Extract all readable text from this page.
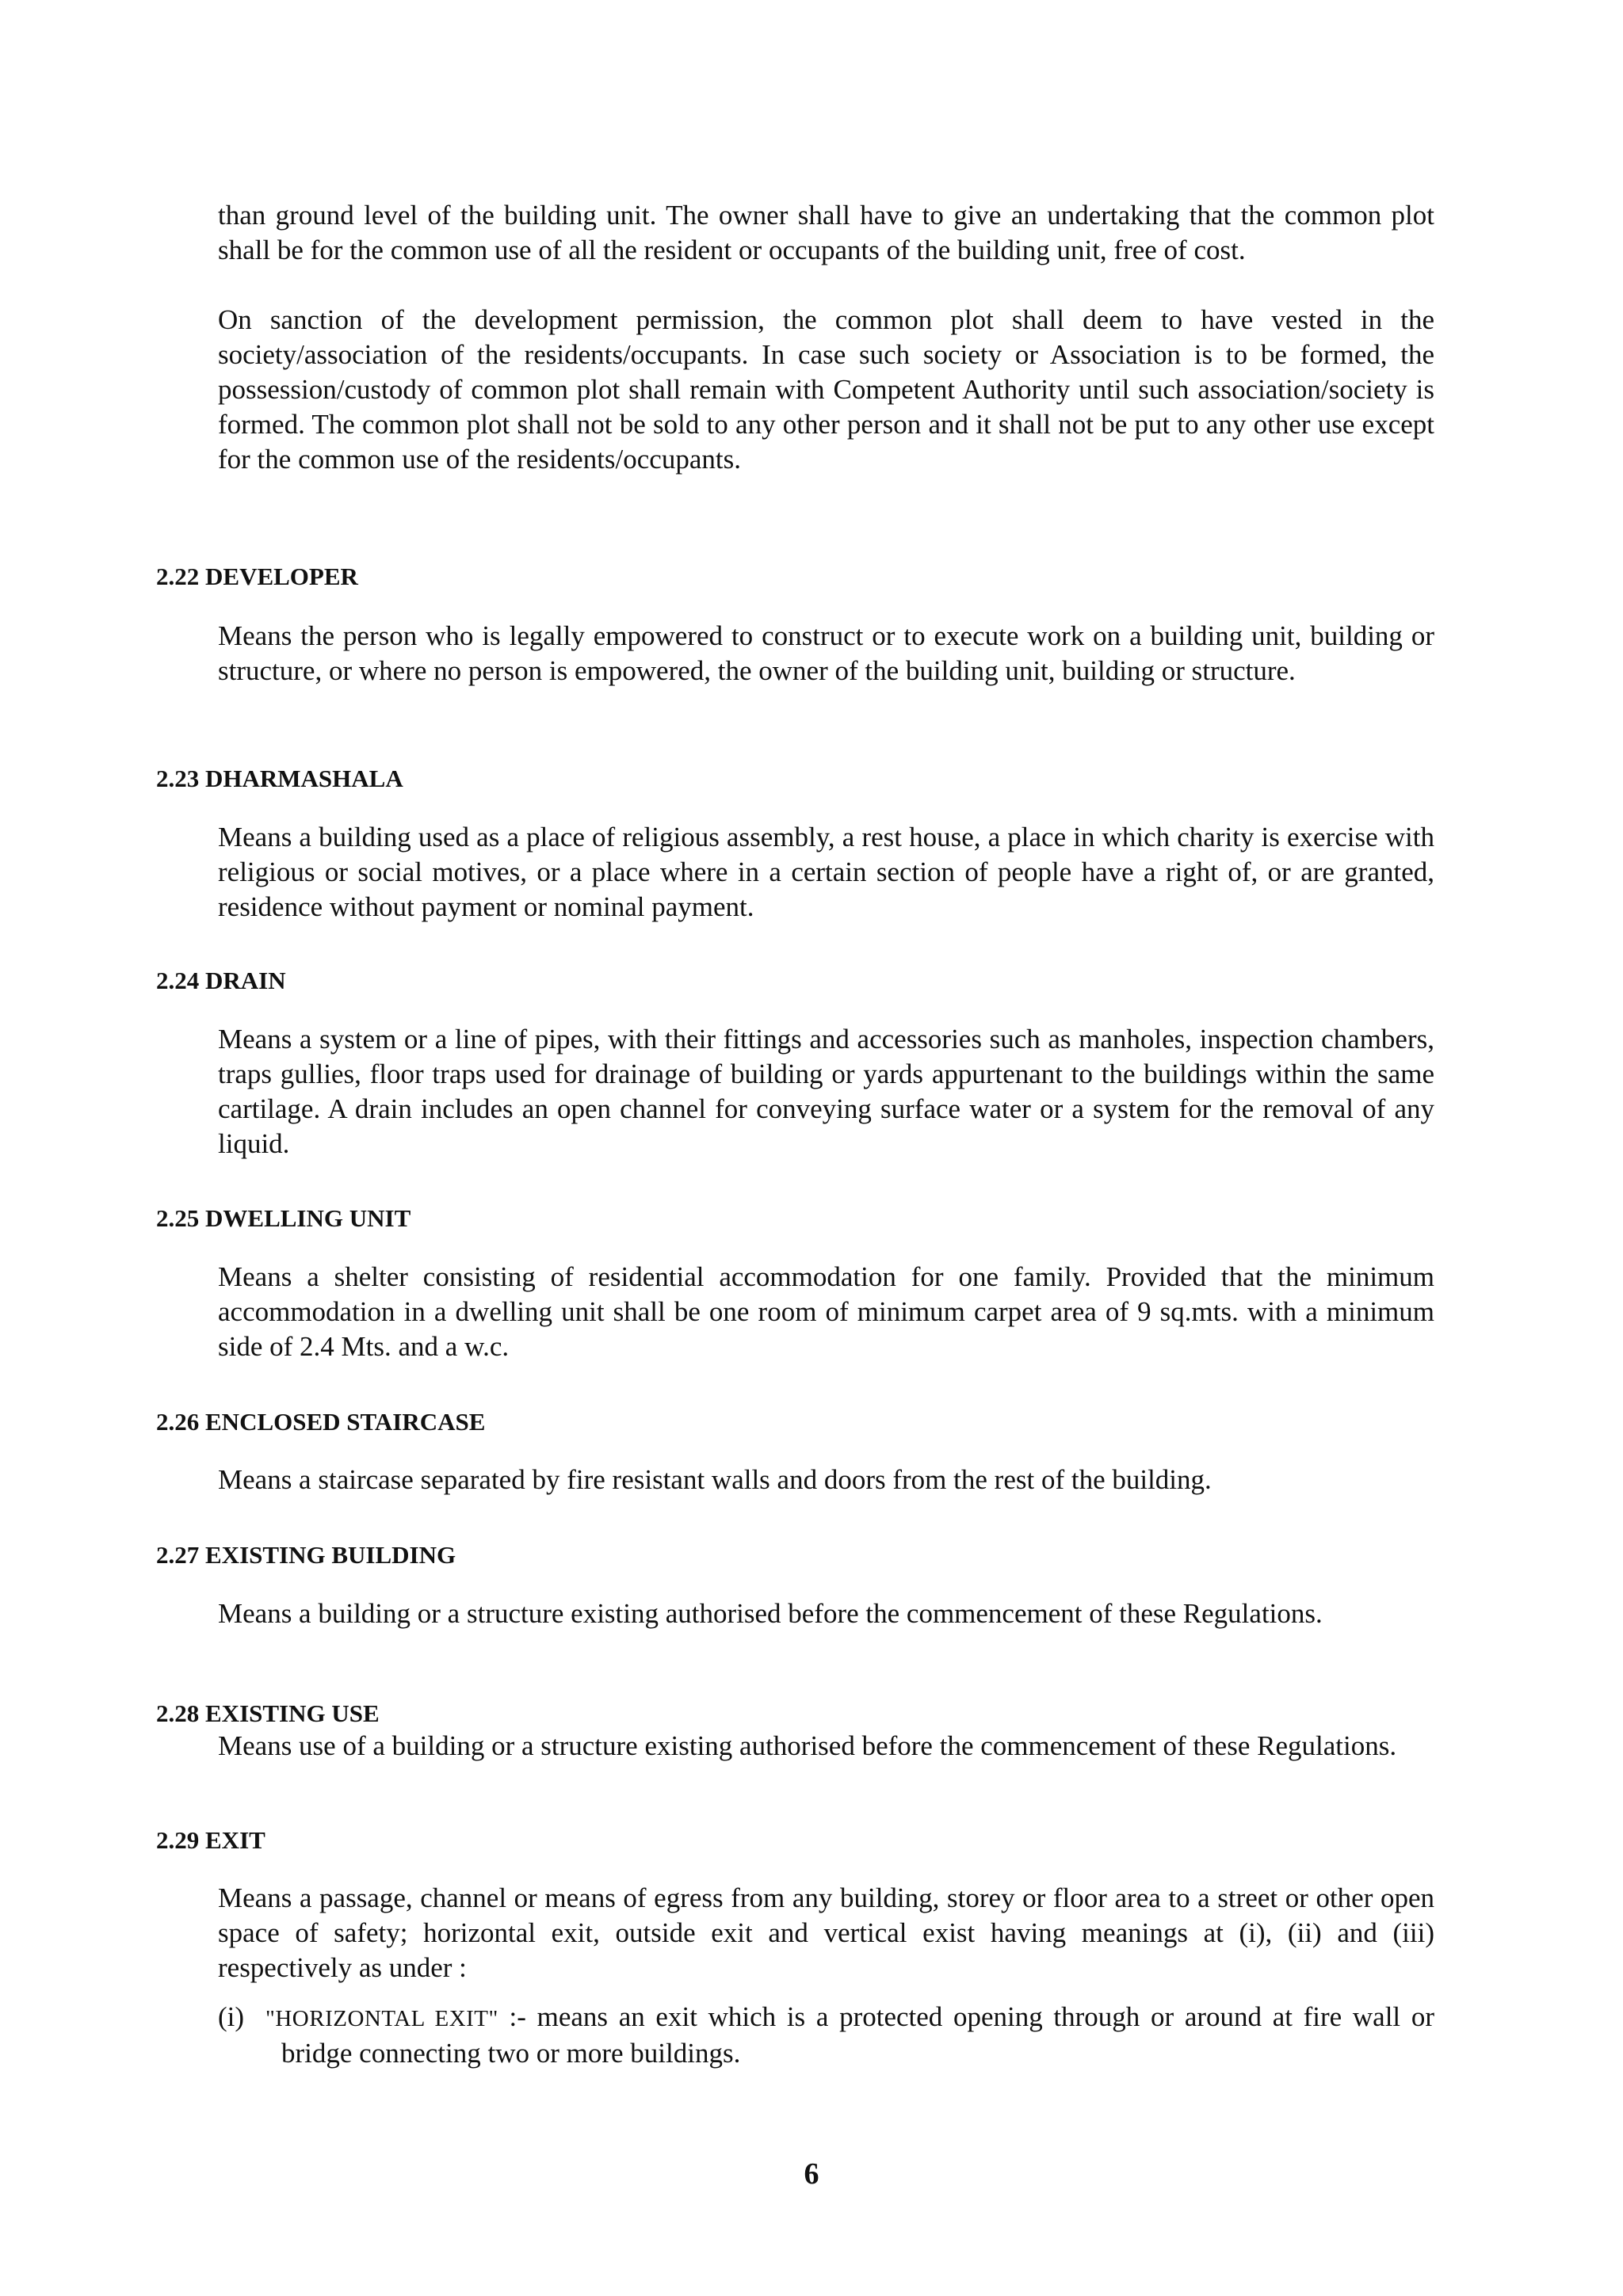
than ground level of the building unit. The owner shall have to give an undertaking that the common plot shall be for the common use of all the resident or occupants of the building unit, free of cost.

On sanction of the development permission, the common plot shall deem to have vested in the society/association of the residents/occupants. In case such society or Association is to be formed, the possession/custody of common plot shall remain with Competent Authority until such association/society is formed. The common plot shall not be sold to any other person and it shall not be put to any other use except for the common use of the residents/occupants.

2.22 DEVELOPER

Means the person who is legally empowered to construct or to execute work on a building unit, building or structure, or where no person is empowered, the owner of the building unit, building or structure.

2.23 DHARMASHALA

Means a building used as a place of religious assembly, a rest house, a place in which charity is exercise with religious or social motives, or a place where in a certain section of people have a right of, or are granted, residence without payment or nominal payment.

2.24 DRAIN

Means a system or a line of pipes, with their fittings and accessories such as manholes, inspection chambers, traps gullies, floor traps used for drainage of building or yards appurtenant to the buildings within the same cartilage. A drain includes an open channel for conveying surface water or a system for the removal of any liquid.

2.25 DWELLING UNIT

Means a shelter consisting of residential accommodation for one family. Provided that the minimum accommodation in a dwelling unit shall be one room of minimum carpet area of 9 sq.mts. with a minimum side of 2.4 Mts. and a w.c.

2.26 ENCLOSED STAIRCASE

Means a staircase separated by fire resistant walls and doors from the rest of the building.

2.27 EXISTING BUILDING

Means a building or a structure existing authorised before the commencement of these Regulations.

2.28 EXISTING USE

Means use of a building or a structure existing authorised before the commencement of these Regulations.

2.29 EXIT

Means a passage, channel or means of egress from any building, storey or floor area to a street or other open space of safety; horizontal exit, outside exit and vertical exist having meanings at (i), (ii) and (iii) respectively as under :

(i) "HORIZONTAL EXIT" :- means an exit which is a protected opening through or around at fire wall or bridge connecting two or more buildings.

6
